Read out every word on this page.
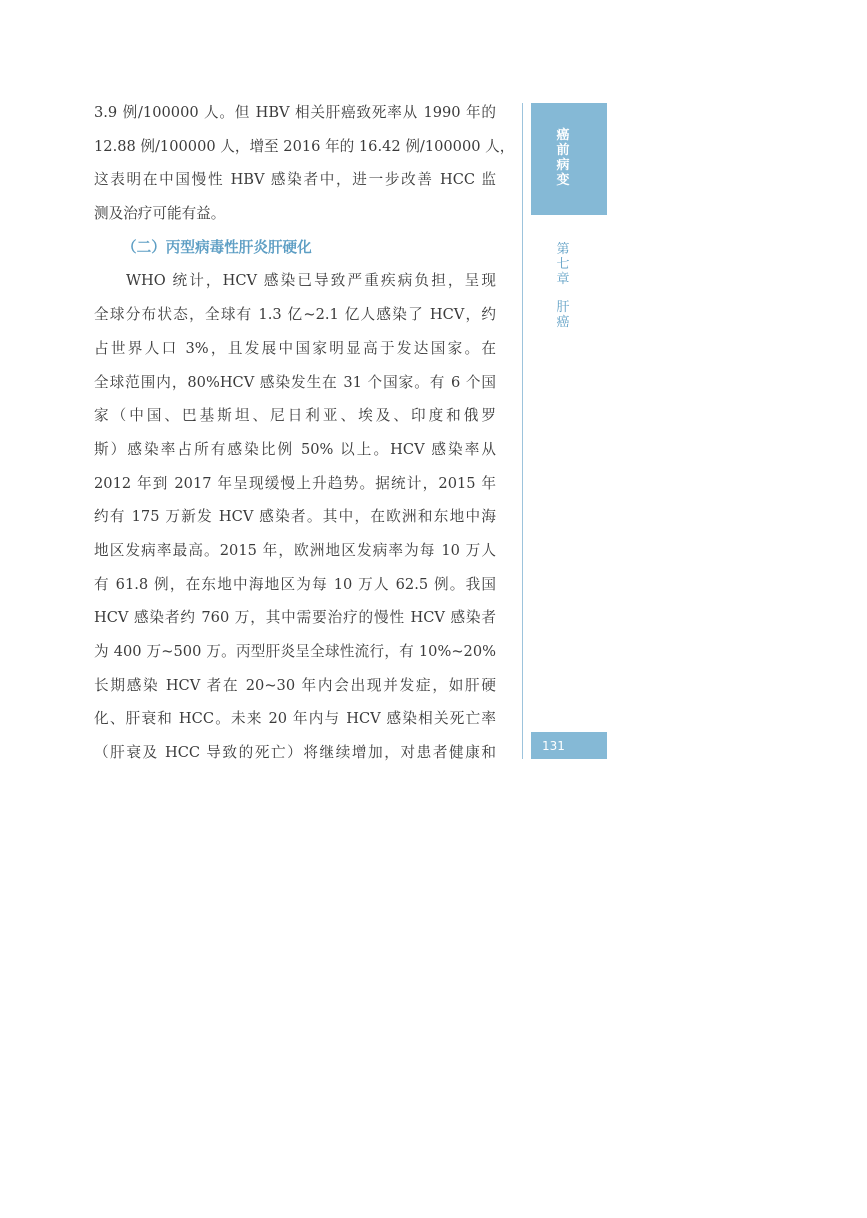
3.9 例/100000 人。但 HBV 相关肝癌致死率从 1990 年的
12.88 例/100000 人，增至 2016 年的 16.42 例/100000 人，
这表明在中国慢性 HBV 感染者中，进一步改善 HCC 监
测及治疗可能有益。
（二）丙型病毒性肝炎肝硬化
WHO 统计，HCV 感染已导致严重疾病负担，呈现
全球分布状态，全球有 1.3 亿~2.1 亿人感染了 HCV，约
占世界人口 3%，且发展中国家明显高于发达国家。在
全球范围内，80%HCV 感染发生在 31 个国家。有 6 个国
家（中国、巴基斯坦、尼日利亚、埃及、印度和俄罗
斯）感染率占所有感染比例 50% 以上。HCV 感染率从
2012 年到 2017 年呈现缓慢上升趋势。据统计，2015 年
约有 175 万新发 HCV 感染者。其中，在欧洲和东地中海
地区发病率最高。2015 年，欧洲地区发病率为每 10 万人
有 61.8 例，在东地中海地区为每 10 万人 62.5 例。我国
HCV 感染者约 760 万，其中需要治疗的慢性 HCV 感染者
为 400 万~500 万。丙型肝炎呈全球性流行，有 10%~20%
长期感染 HCV 者在 20~30 年内会出现并发症，如肝硬
化、肝衰和 HCC。未来 20 年内与 HCV 感染相关死亡率
（肝衰及 HCC 导致的死亡）将继续增加，对患者健康和
癌前病变
第七章
肝癌
131
